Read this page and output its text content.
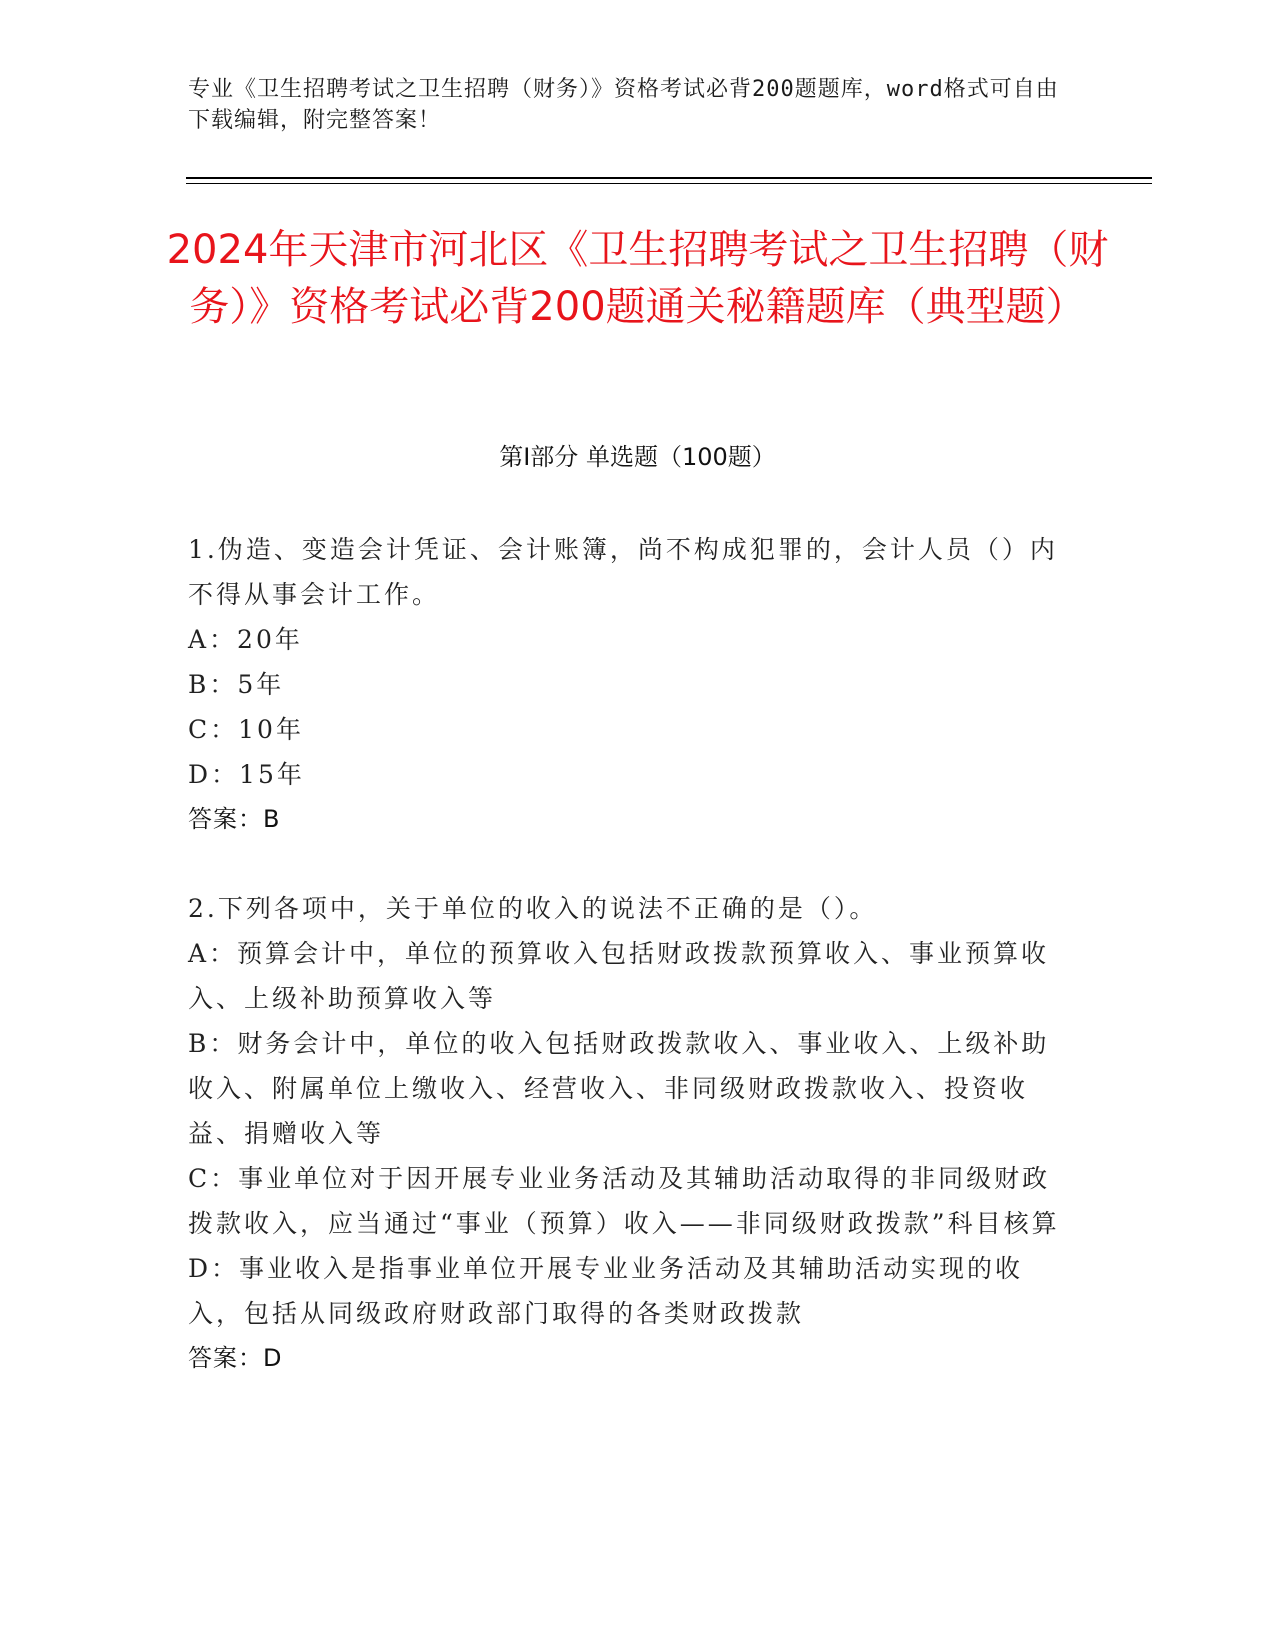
专业《卫生招聘考试之卫生招聘（财务）》资格考试必背200题题库，word格式可自由下载编辑，附完整答案！
2024年天津市河北区《卫生招聘考试之卫生招聘（财务）》资格考试必背200题通关秘籍题库（典型题）
第Ⅰ部分 单选题（100题）

1.伪造、变造会计凭证、会计账簿，尚不构成犯罪的，会计人员（）内不得从事会计工作。

A：20年

B：5年

C：10年

D：15年

答案：B

2.下列各项中，关于单位的收入的说法不正确的是（）。

A：预算会计中，单位的预算收入包括财政拨款预算收入、事业预算收入、上级补助预算收入等

B：财务会计中，单位的收入包括财政拨款收入、事业收入、上级补助收入、附属单位上缴收入、经营收入、非同级财政拨款收入、投资收益、捐赠收入等

C：事业单位对于因开展专业业务活动及其辅助活动取得的非同级财政拨款收入，应当通过“事业（预算）收入——非同级财政拨款”科目核算

D：事业收入是指事业单位开展专业业务活动及其辅助活动实现的收入，包括从同级政府财政部门取得的各类财政拨款

答案：D
